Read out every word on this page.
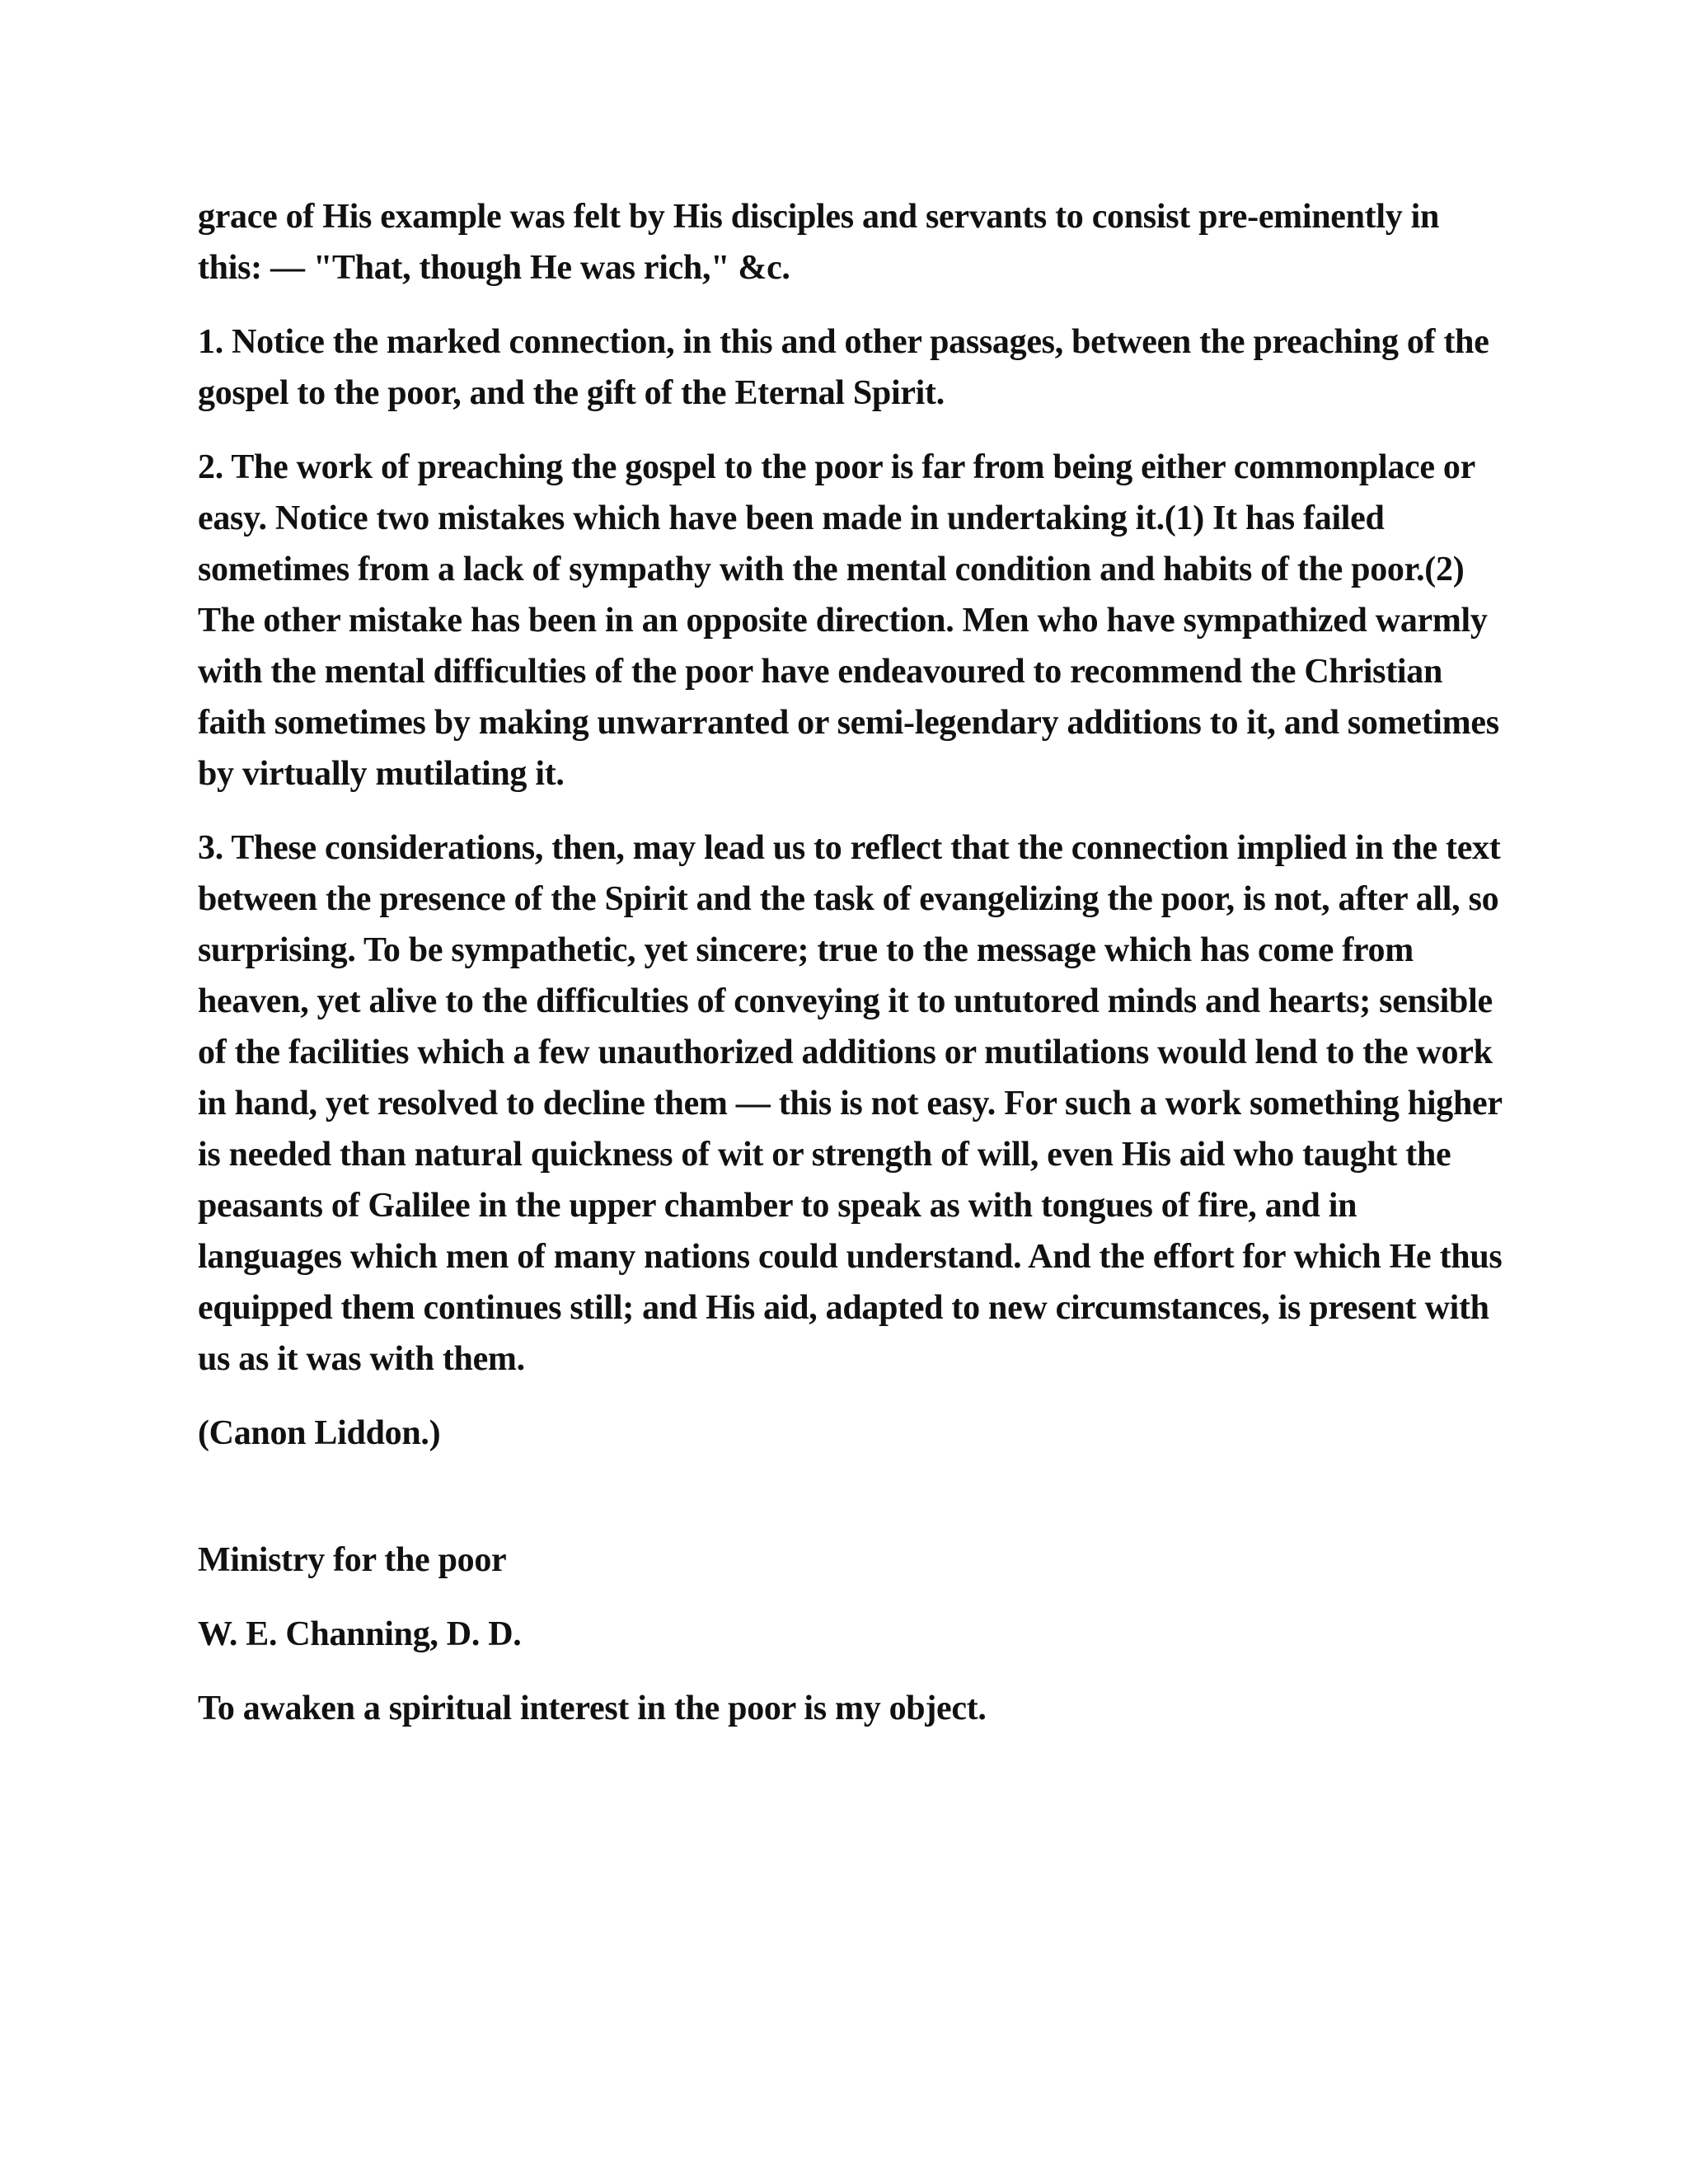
grace of His example was felt by His disciples and servants to consist pre-eminently in this: — "That, though He was rich," &c.

1. Notice the marked connection, in this and other passages, between the preaching of the gospel to the poor, and the gift of the Eternal Spirit.

2. The work of preaching the gospel to the poor is far from being either commonplace or easy. Notice two mistakes which have been made in undertaking it.(1) It has failed sometimes from a lack of sympathy with the mental condition and habits of the poor.(2) The other mistake has been in an opposite direction. Men who have sympathized warmly with the mental difficulties of the poor have endeavoured to recommend the Christian faith sometimes by making unwarranted or semi-legendary additions to it, and sometimes by virtually mutilating it.

3. These considerations, then, may lead us to reflect that the connection implied in the text between the presence of the Spirit and the task of evangelizing the poor, is not, after all, so surprising. To be sympathetic, yet sincere; true to the message which has come from heaven, yet alive to the difficulties of conveying it to untutored minds and hearts; sensible of the facilities which a few unauthorized additions or mutilations would lend to the work in hand, yet resolved to decline them — this is not easy. For such a work something higher is needed than natural quickness of wit or strength of will, even His aid who taught the peasants of Galilee in the upper chamber to speak as with tongues of fire, and in languages which men of many nations could understand. And the effort for which He thus equipped them continues still; and His aid, adapted to new circumstances, is present with us as it was with them.

(Canon Liddon.)

Ministry for the poor

W. E. Channing, D. D.

To awaken a spiritual interest in the poor is my object.
